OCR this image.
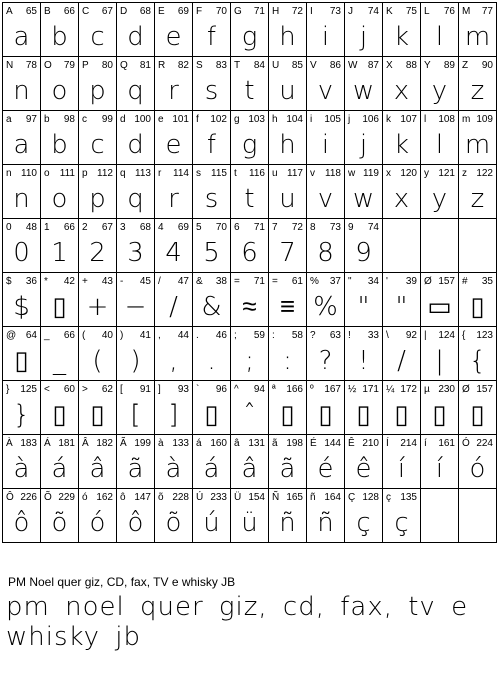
A 65
a
B 66
b
C 67
c
D 68
d
E 69
e
F 70
f
G 71
g
H 72
h
I 73
i
J 74
j
K 75
k
L 76
l
M 77
m
N 78
n
O 79
o
P 80
p
Q 81
q
R 82
r
S 83
s
T 84
t
U 85
u
V 86
v
W 87
w
X 88
x
Y 89
y
Z 90
z
a 97
a
b 98
b
c 99
c
d 100
d
e 101
e
f 102
f
g 103
g
h 104
h
i 105
i
j 106
j
k 107
k
l 108
l
m 109
m
n 110
n
o 111
o
p 112
p
q 113
q
r 114
r
s 115
s
t 116
t
u 117
u
v 118
v
w 119
w
x 120
x
y 121
y
z 122
z
0 48
0
1 66
1
2 67
2
3 68
3
4 69
4
5 70
5
6 71
6
7 72
7
8 73
8
9 74
9
$ 36
$
* 42
▯
+ 43
+
- 45
−
/ 47
/
& 38
&
= 71
≈
= 61
≡
% 37
%
" 34
"
' 39
"
Ø 157
▭
# 35
▯
@ 64
▯
_ 66
_
( 40
(
) 41
)
, 44
,
. 46
.
; 59
;
: 58
:
? 63
?
! 33
!
\ 92
/
| 124
|
{ 123
{
} 125
}
< 60
▯
> 62
▯
[ 91
[
] 93
]
` 96
▯
^ 94
ˆ
ª 166
▯
º 167
▯
½ 171
▯
¼ 172
▯
µ 230
▯
Ø 157
▯
À 183
à
Á 181
á
Â 182
â
Ã 199
ã
à 133
à
á 160
á
â 131
â
ã 198
ã
É 144
é
Ê 210
ê
Í 214
í
í 161
í
Ó 224
ó
Ô 226
ô
Õ 229
õ
ó 162
ó
ô 147
ô
õ 228
õ
Ú 233
ú
Ü 154
ü
Ñ 165
ñ
ñ 164
ñ
Ç 128
ç
ç 135
ç
PM Noel quer giz, CD, fax, TV e whisky JB
pm noel quer giz, cd, fax, tv e whisky jb
